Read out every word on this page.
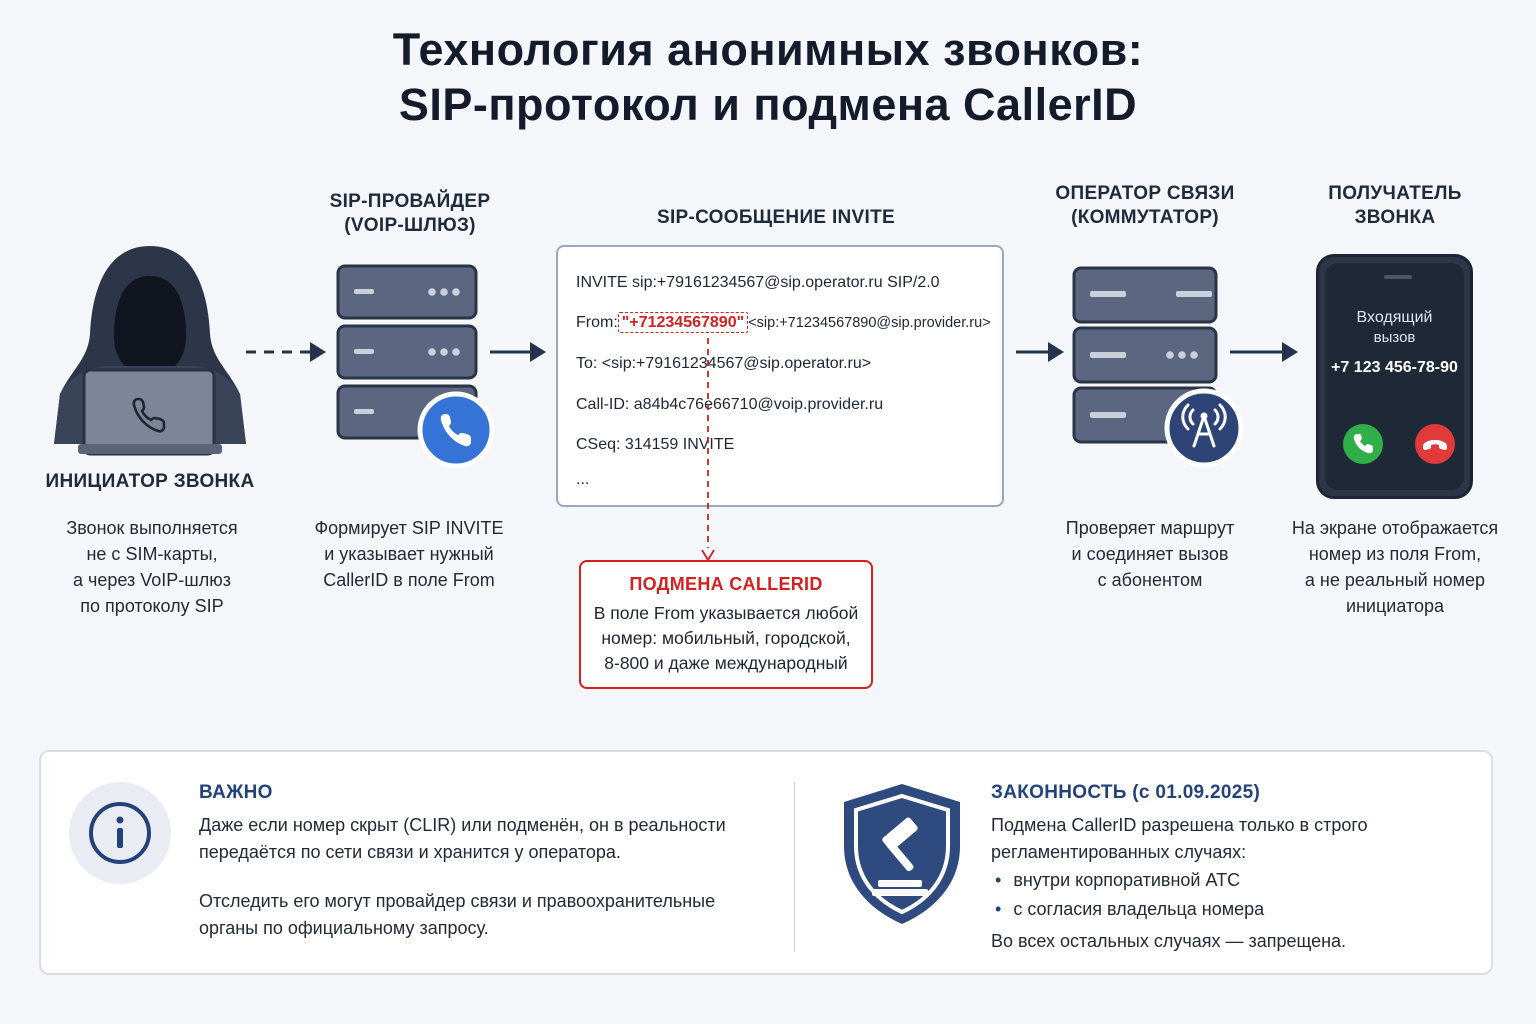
Технология анонимных звонков:
SIP-протокол и подмена CallerID
ИНИЦИАТОР ЗВОНКА
Звонок выполняется
не с SIM-карты,
а через VoIP-шлюз
по протоколу SIP
SIP-ПРОВАЙДЕР
(VOIP-ШЛЮЗ)
Формирует SIP INVITE
и указывает нужный
CallerID в поле From
SIP-СООБЩЕНИЕ INVITE
INVITE sip:+79161234567@sip.operator.ru SIP/2.0
From: "+71234567890" <sip:+71234567890@sip.provider.ru>
To: <sip:+79161234567@sip.operator.ru>
Call-ID: a84b4c76e66710@voip.provider.ru
CSeq: 314159 INVITE
...
ПОДМЕНА CALLERID
В поле From указывается любой
номер: мобильный, городской,
8-800 и даже международный
ОПЕРАТОР СВЯЗИ
(КОММУТАТОР)
Проверяет маршрут
и соединяет вызов
с абонентом
ПОЛУЧАТЕЛЬ
ЗВОНКА
Входящий
вызов
+7 123 456-78-90
На экране отображается
номер из поля From,
а не реальный номер
инициатора
ВАЖНО
Даже если номер скрыт (CLIR) или подменён, он в реальности
передаётся по сети связи и хранится у оператора.
Отследить его могут провайдер связи и правоохранительные
органы по официальному запросу.
ЗАКОННОСТЬ (с 01.09.2025)
Подмена CallerID разрешена только в строго
регламентированных случаях:
• внутри корпоративной АТС
• с согласия владельца номера
Во всех остальных случаях — запрещена.
